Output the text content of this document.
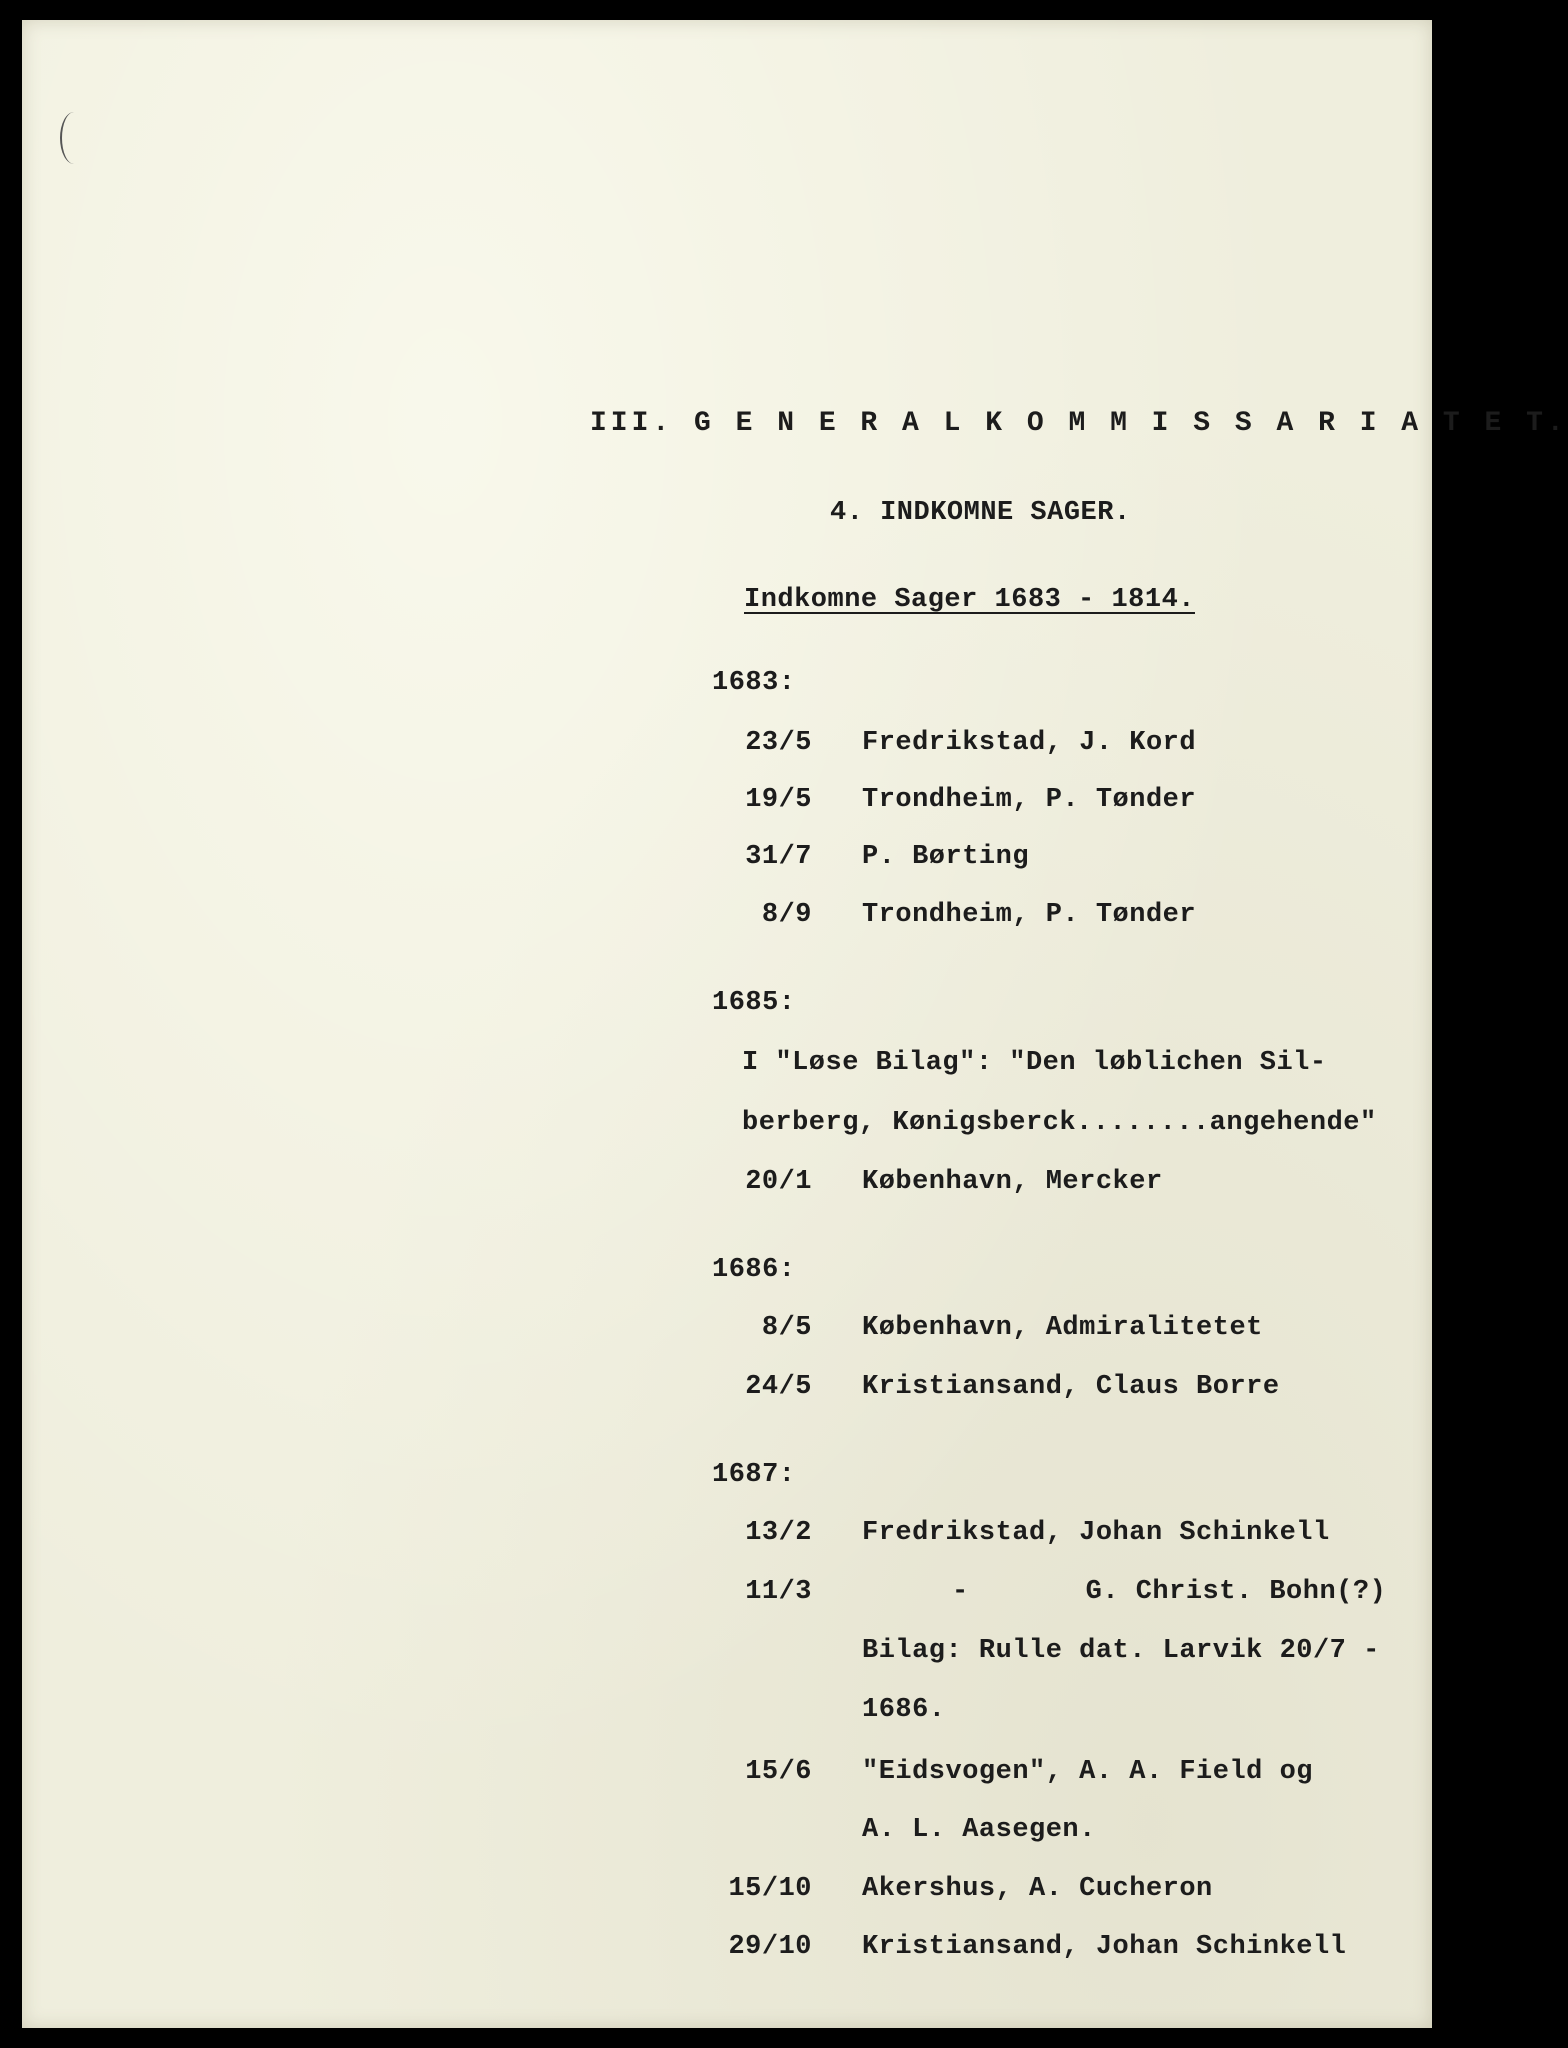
III. G E N E R A L K O M M I S S A R I A T E T.
4. INDKOMNE SAGER.
Indkomne Sager 1683 - 1814.
1683:
23/5 Fredrikstad, J. Kord
19/5 Trondheim, P. Tønder
31/7 P. Børting
8/9 Trondheim, P. Tønder
1685:
I "Løse Bilag": "Den løblichen Sil-
berberg, Kønigsberck........angehende"
20/1 København, Mercker
1686:
8/5 København, Admiralitetet
24/5 Kristiansand, Claus Borre
1687:
13/2 Fredrikstad, Johan Schinkell
11/3	-       G. Christ. Bohn(?)
Bilag: Rulle dat. Larvik 20/7 -
1686.
15/6 "Eidsvogen", A. A. Field og
A. L. Aasegen.
15/10 Akershus, A. Cucheron
29/10 Kristiansand, Johan Schinkell
